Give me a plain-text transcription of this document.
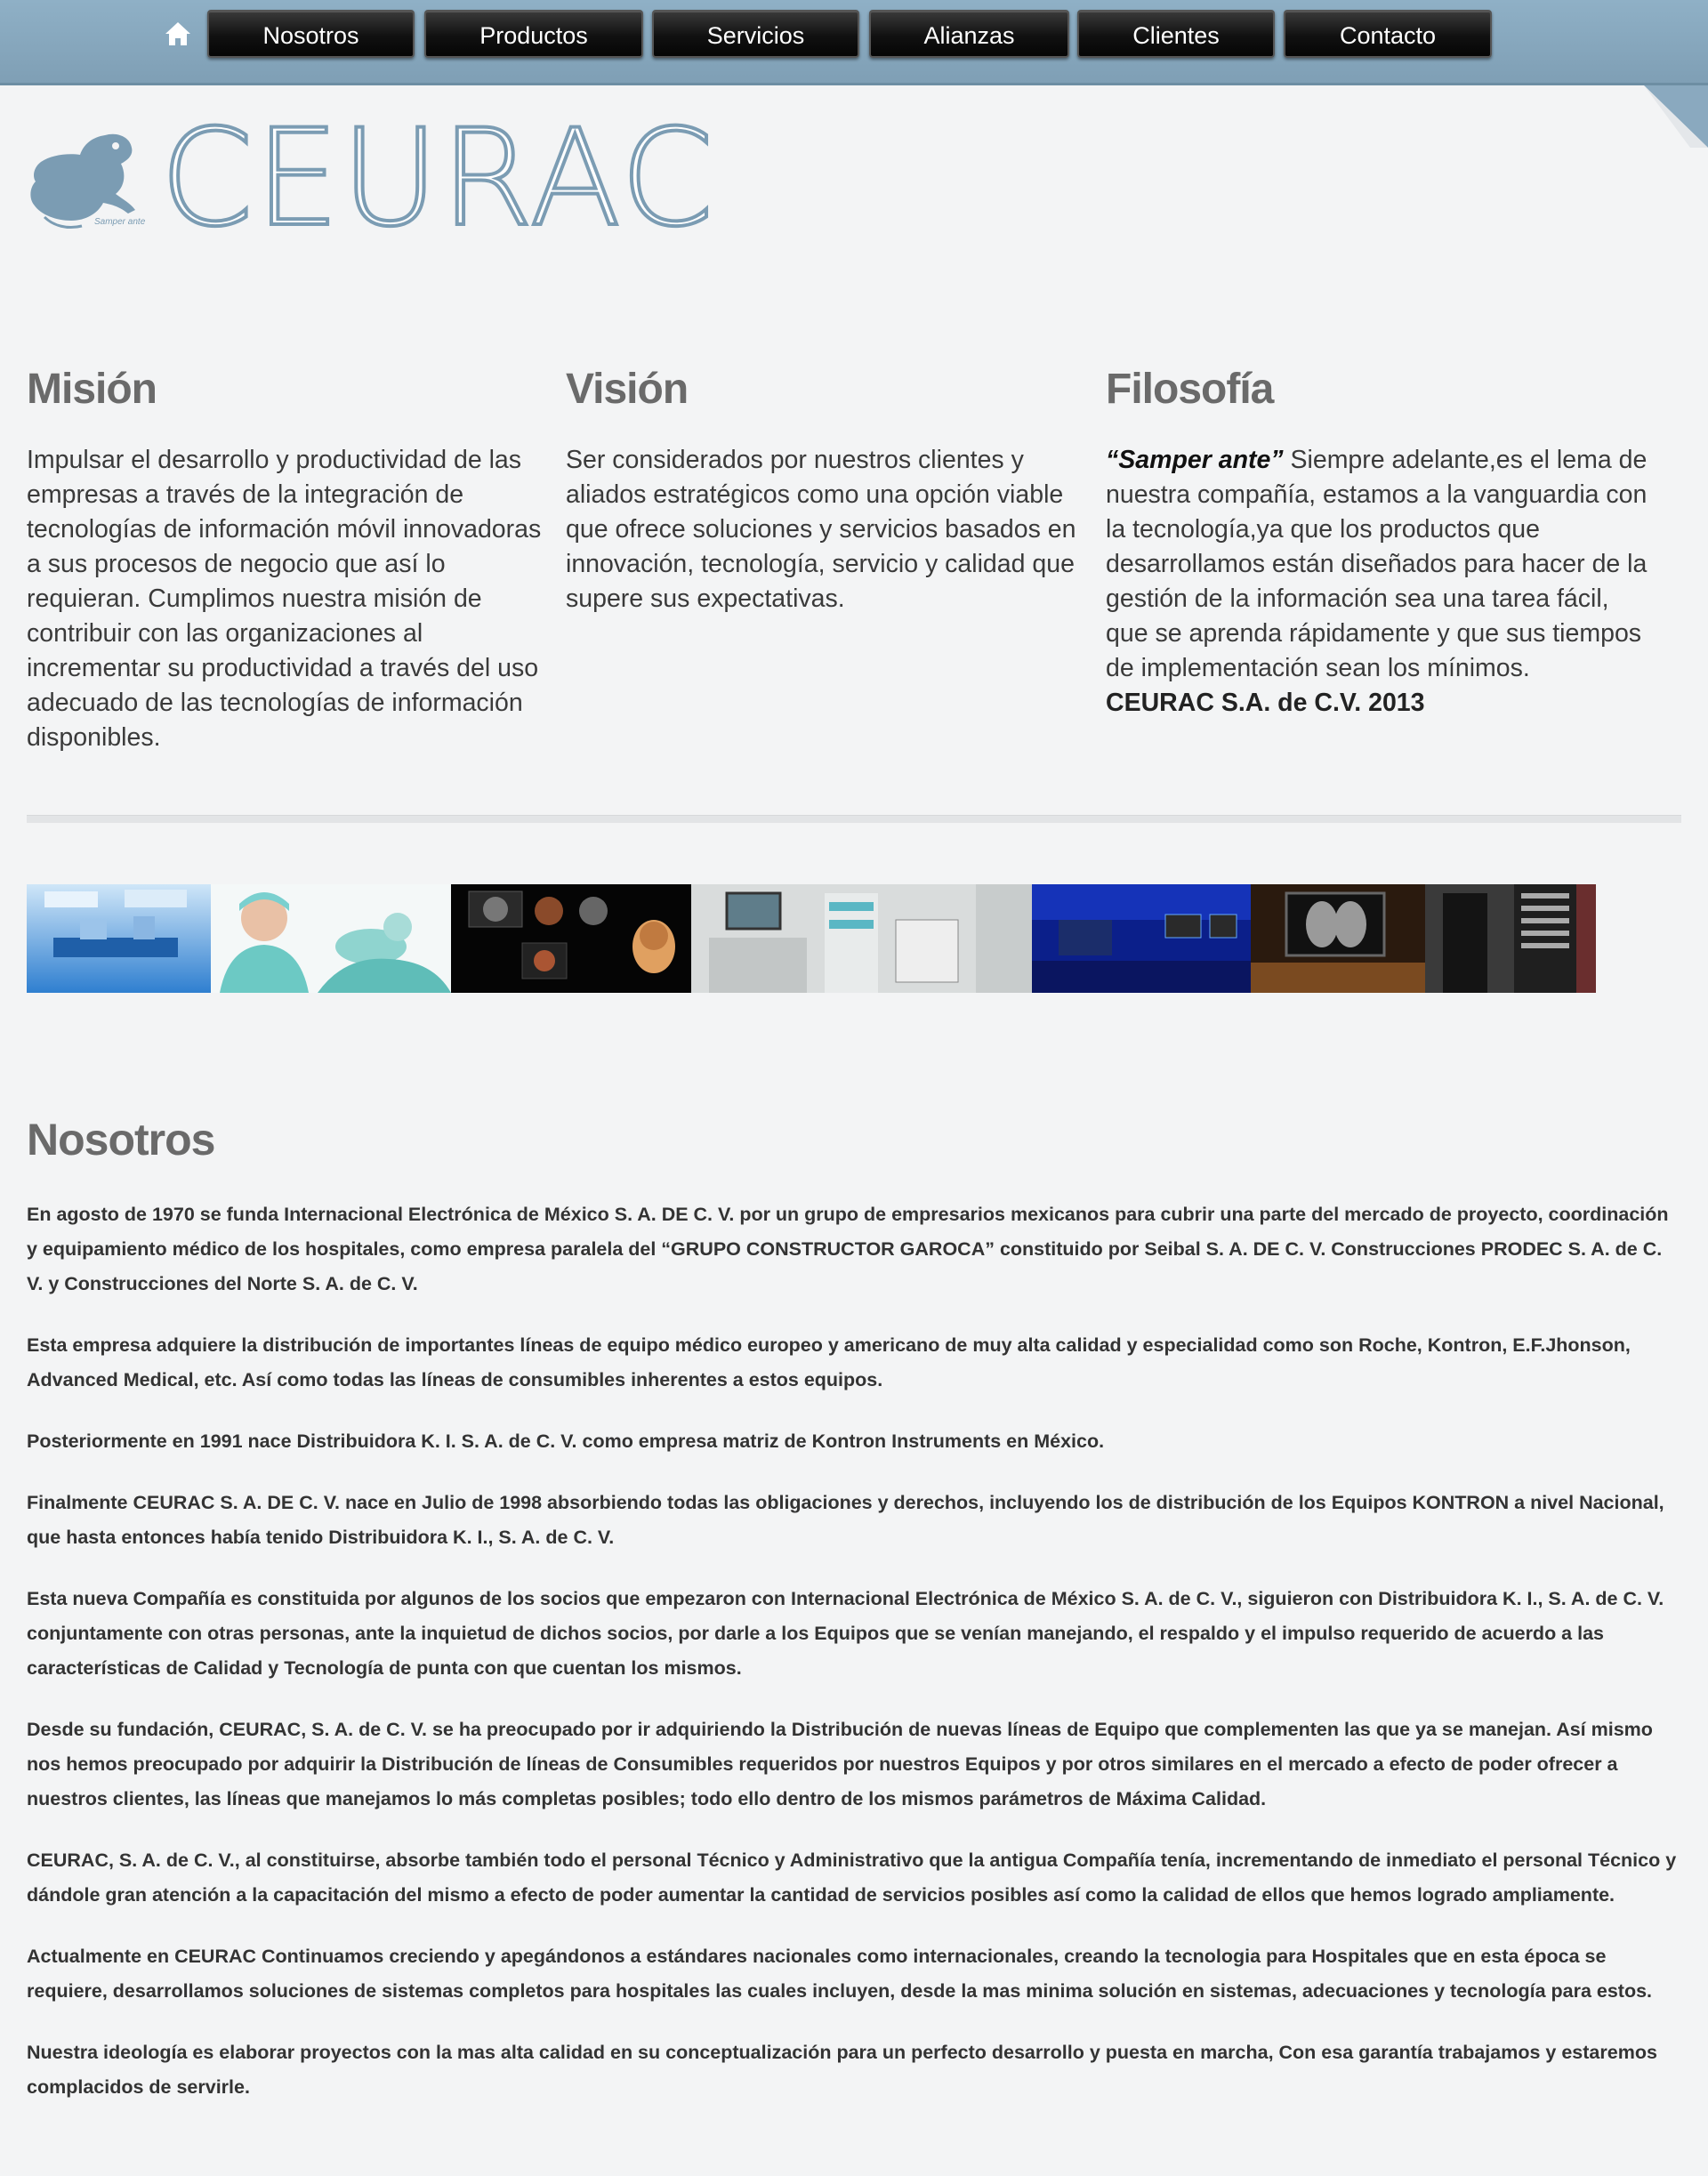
Nosotros	Productos	Servicios	Alianzas	Clientes	Contacto
Samper ante CEURAC
Misión

Impulsar el desarrollo y productividad de las empresas a través de la integración de tecnologías de información móvil innovadoras a sus procesos de negocio que así lo requieran. Cumplimos nuestra misión de contribuir con las organizaciones al incrementar su productividad a través del uso adecuado de las tecnologías de información disponibles.

Visión

Ser considerados por nuestros clientes y aliados estratégicos como una opción viable que ofrece soluciones y servicios basados en innovación, tecnología, servicio y calidad que supere sus expectativas.

Filosofía

“Samper ante” Siempre adelante,es el lema de nuestra compañía, estamos a la vanguardia con la tecnología,ya que los productos que desarrollamos están diseñados para hacer de la gestión de la información sea una tarea fácil, que se aprenda rápidamente y que sus tiempos de implementación sean los mínimos.
CEURAC S.A. de C.V. 2013

Nosotros

En agosto de 1970 se funda Internacional Electrónica de México S. A. DE C. V. por un grupo de empresarios mexicanos para cubrir una parte del mercado de proyecto, coordinación y equipamiento médico de los hospitales, como empresa paralela del “GRUPO CONSTRUCTOR GAROCA” constituido por Seibal S. A. DE C. V. Construcciones PRODEC S. A. de C. V. y Construcciones del Norte S. A. de C. V.

Esta empresa adquiere la distribución de importantes líneas de equipo médico europeo y americano de muy alta calidad y especialidad como son Roche, Kontron, E.F.Jhonson, Advanced Medical, etc. Así como todas las líneas de consumibles inherentes a estos equipos.

Posteriormente en 1991 nace Distribuidora K. I. S. A. de C. V. como empresa matriz de Kontron Instruments en México.

Finalmente CEURAC S. A. DE C. V. nace en Julio de 1998 absorbiendo todas las obligaciones y derechos, incluyendo los de distribución de los Equipos KONTRON a nivel Nacional, que hasta entonces había tenido Distribuidora K. I., S. A. de C. V.

Esta nueva Compañía es constituida por algunos de los socios que empezaron con Internacional Electrónica de México S. A. de C. V., siguieron con Distribuidora K. I., S. A. de C. V. conjuntamente con otras personas, ante la inquietud de dichos socios, por darle a los Equipos que se venían manejando, el respaldo y el impulso requerido de acuerdo a las características de Calidad y Tecnología de punta con que cuentan los mismos.

Desde su fundación, CEURAC, S. A. de C. V. se ha preocupado por ir adquiriendo la Distribución de nuevas líneas de Equipo que complementen las que ya se manejan. Así mismo nos hemos preocupado por adquirir la Distribución de líneas de Consumibles requeridos por nuestros Equipos y por otros similares en el mercado a efecto de poder ofrecer a nuestros clientes, las líneas que manejamos lo más completas posibles; todo ello dentro de los mismos parámetros de Máxima Calidad.

CEURAC, S. A. de C. V., al constituirse, absorbe también todo el personal Técnico y Administrativo que la antigua Compañía tenía, incrementando de inmediato el personal Técnico y dándole gran atención a la capacitación del mismo a efecto de poder aumentar la cantidad de servicios posibles así como la calidad de ellos que hemos logrado ampliamente.

Actualmente en CEURAC Continuamos creciendo y apegándonos a estándares nacionales como internacionales, creando la tecnologia para Hospitales que en esta época se requiere, desarrollamos soluciones de sistemas completos para hospitales las cuales incluyen, desde la mas minima solución en sistemas, adecuaciones y tecnología para estos.

Nuestra ideología es elaborar proyectos con la mas alta calidad en su conceptualización para un perfecto desarrollo y puesta en marcha, Con esa garantía trabajamos y estaremos complacidos de servirle.
